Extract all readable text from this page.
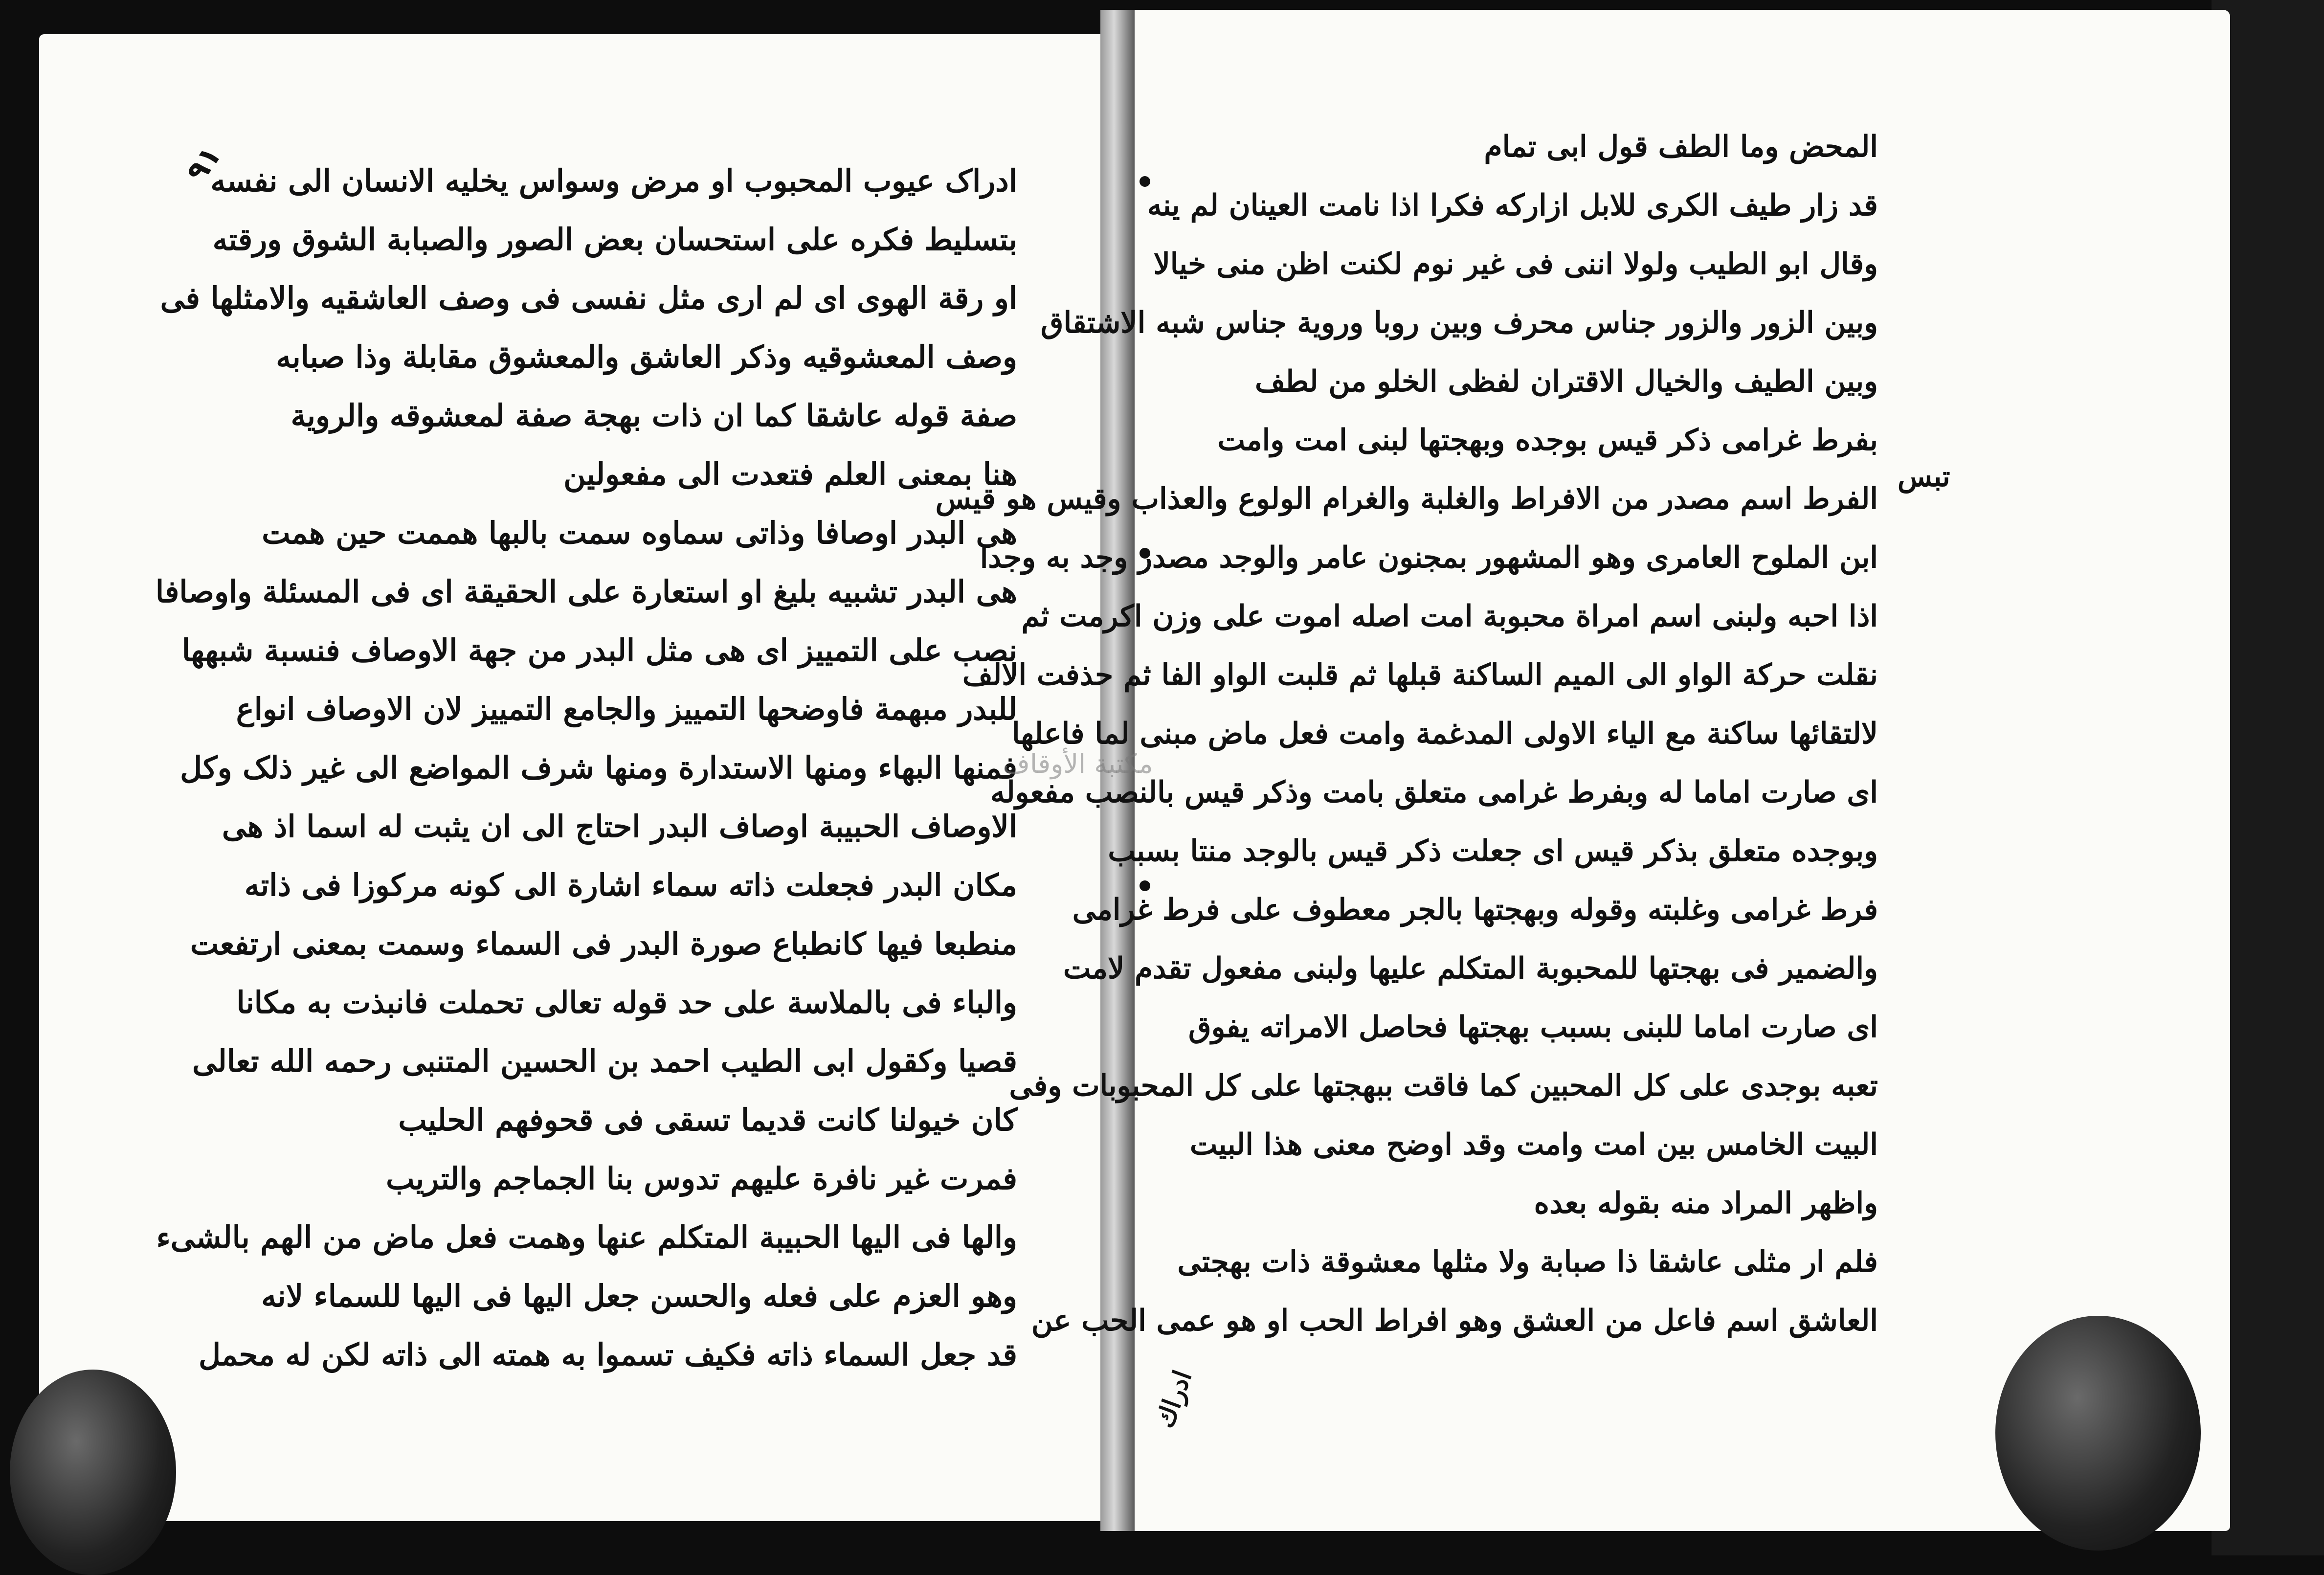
٩١
ادراک عیوب المحبوب او مرض وسواس یخلیه الانسان الی نفسه
بتسلیط فکره علی استحسان بعض الصور والصبابة الشوق ورقته
او رقة الهوی ای لم اری مثل نفسی فی وصف العاشقیه والامثلها فی
وصف المعشوقیه وذکر العاشق والمعشوق مقابلة وذا صبابه
صفة قوله عاشقا کما ان ذات بهجة صفة لمعشوقه والرویة
هنا بمعنی العلم فتعدت الی مفعولین
هی البدر اوصافا وذاتی سماوه سمت بالبها هممت حین همت
هی البدر تشبیه بلیغ او استعارة علی الحقیقة ای فی المسئلة واوصافا
نصب علی التمییز ای هی مثل البدر من جهة الاوصاف فنسبة شبهها
للبدر مبهمة فاوضحها التمییز والجامع التمییز لان الاوصاف انواع
فمنها البهاء ومنها الاستدارة ومنها شرف المواضع الی غیر ذلک وکل
الاوصاف الحبیبة اوصاف البدر احتاج الی ان یثبت له اسما اذ هی
مکان البدر فجعلت ذاته سماء اشارة الی کونه مرکوزا فی ذاته
منطبعا فیها کانطباع صورة البدر فی السماء وسمت بمعنی ارتفعت
والباء فی بالملاسة علی حد قوله تعالی تحملت فانبذت به مکانا
قصیا وکقول ابی الطیب احمد بن الحسین المتنبی رحمه الله تعالی
کان خیولنا کانت قدیما تسقی فی قحوفهم الحلیب
فمرت غیر نافرة علیهم تدوس بنا الجماجم والتریب
والها فی الیها الحبیبة المتکلم عنها وهمت فعل ماض من الهم بالشیء
وهو العزم علی فعله والحسن جعل الیها فی الیها للسماء لانه
قد جعل السماء ذاته فکیف تسموا به همته الی ذاته لکن له محمل
المحض وما الطف قول ابی تمام
قد زار طیف الکری للابل ازارکه فکرا اذا نامت العینان لم ینه
وقال ابو الطیب ولولا اننی فی غیر نوم لکنت اظن منی خیالا
وبین الزور والزور جناس محرف وبین روبا ورویة جناس شبه الاشتقاق
وبین الطیف والخیال الاقتران لفظی الخلو من لطف
بفرط غرامی ذکر قیس بوجده وبهجتها لبنی امت وامت
الفرط اسم مصدر من الافراط والغلبة والغرام الولوع والعذاب وقیس هو قیس
ابن الملوح العامری وهو المشهور بمجنون عامر والوجد مصدر وجد به وجدا
اذا احبه ولبنی اسم امراة محبوبة امت اصله اموت علی وزن اکرمت ثم
نقلت حرکة الواو الی المیم الساکنة قبلها ثم قلبت الواو الفا ثم حذفت الالف
لالتقائها ساکنة مع الیاء الاولی المدغمة وامت فعل ماض مبنی لما فاعلها
ای صارت اماما له وبفرط غرامی متعلق بامت وذکر قیس بالنصب مفعوله
وبوجده متعلق بذکر قیس ای جعلت ذکر قیس بالوجد منتا بسبب
فرط غرامی وغلبته وقوله وبهجتها بالجر معطوف علی فرط غرامی
والضمیر فی بهجتها للمحبوبة المتکلم علیها ولبنی مفعول تقدم لامت
ای صارت اماما للبنی بسبب بهجتها فحاصل الامراته یفوق
تعبه بوجدی علی کل المحبین کما فاقت ببهجتها علی کل المحبوبات وفی
البیت الخامس بین امت وامت وقد اوضح معنی هذا البیت
واظهر المراد منه بقوله بعده
فلم ار مثلی عاشقا ذا صبابة ولا مثلها معشوقة ذات بهجتی
العاشق اسم فاعل من العشق وهو افراط الحب او هو عمی الحب عن
تبس
ادراك
مكتبة الأوقاف
